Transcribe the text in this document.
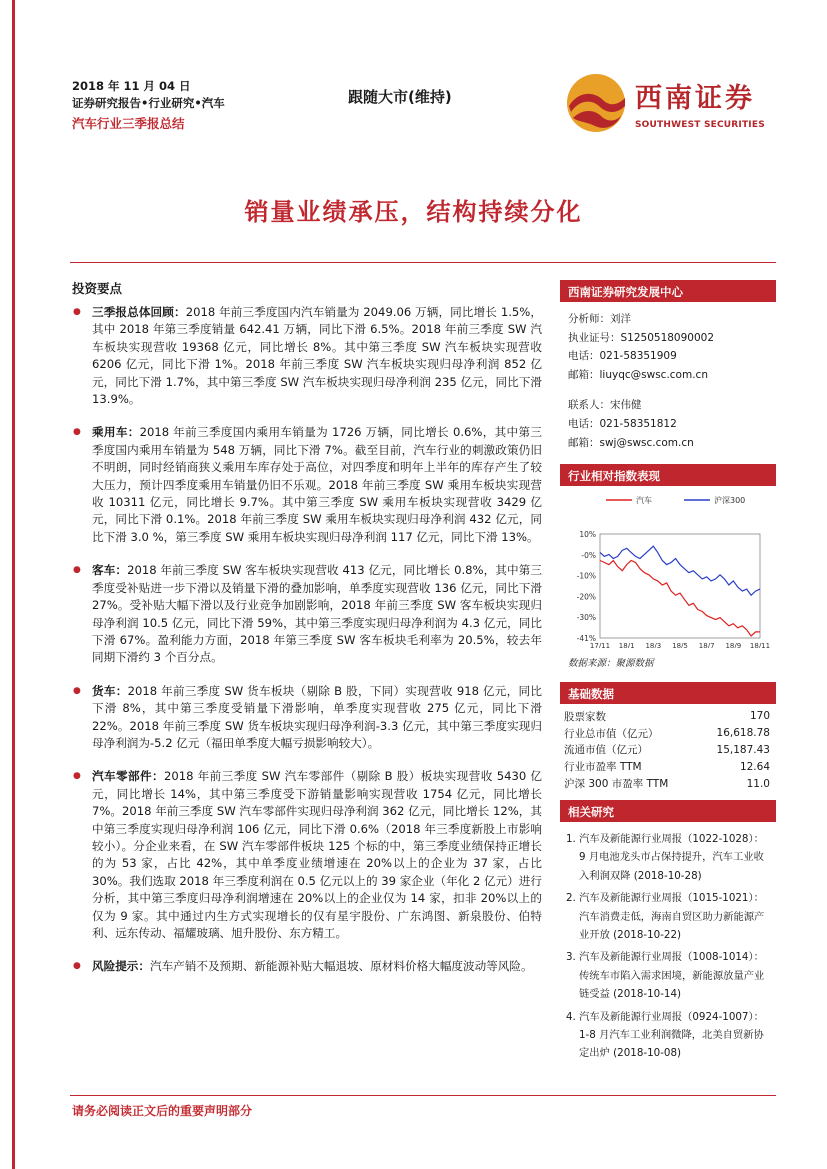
2018 年 11 月 04 日
证券研究报告•行业研究•汽车
汽车行业三季报总结
跟随大市(维持)	西南证券
SOUTHWEST SECURITIES
销量业绩承压，结构持续分化
投资要点
● 三季报总体回顾：2018 年前三季度国内汽车销量为 2049.06 万辆，同比增长 1.5%，其中 2018 年第三季度销量 642.41 万辆，同比下滑 6.5%。2018 年前三季度 SW 汽车板块实现营收 19368 亿元，同比增长 8%。其中第三季度 SW 汽车板块实现营收 6206 亿元，同比下滑 1%。2018 年前三季度 SW 汽车板块实现归母净利润 852 亿元，同比下滑 1.7%，其中第三季度 SW 汽车板块实现归母净利润 235 亿元，同比下滑 13.9%。
● 乘用车：2018 年前三季度国内乘用车销量为 1726 万辆，同比增长 0.6%，其中第三季度国内乘用车销量为 548 万辆，同比下滑 7%。截至目前，汽车行业的刺激政策仍旧不明朗，同时经销商狭义乘用车库存处于高位，对四季度和明年上半年的库存产生了较大压力，预计四季度乘用车销量仍旧不乐观。2018 年前三季度 SW 乘用车板块实现营收 10311 亿元，同比增长 9.7%。其中第三季度 SW 乘用车板块实现营收 3429 亿元，同比下滑 0.1%。2018 年前三季度 SW 乘用车板块实现归母净利润 432 亿元，同比下滑 3.0 %，第三季度 SW 乘用车板块实现归母净利润 117 亿元，同比下滑 13%。
● 客车：2018 年前三季度 SW 客车板块实现营收 413 亿元，同比增长 0.8%，其中第三季度受补贴进一步下滑以及销量下滑的叠加影响，单季度实现营收 136 亿元，同比下滑 27%。受补贴大幅下滑以及行业竞争加剧影响，2018 年前三季度 SW 客车板块实现归母净利润 10.5 亿元，同比下滑 59%，其中第三季度实现归母净利润为 4.3 亿元，同比下滑 67%。盈利能力方面，2018 年第三季度 SW 客车板块毛利率为 20.5%，较去年同期下滑约 3 个百分点。
● 货车：2018 年前三季度 SW 货车板块（剔除 B 股，下同）实现营收 918 亿元，同比下滑 8%，其中第三季度受销量下滑影响，单季度实现营收 275 亿元，同比下滑 22%。2018 年前三季度 SW 货车板块实现归母净利润-3.3 亿元，其中第三季度实现归母净利润为-5.2 亿元（福田单季度大幅亏损影响较大）。
● 汽车零部件：2018 年前三季度 SW 汽车零部件（剔除 B 股）板块实现营收 5430 亿元，同比增长 14%，其中第三季度受下游销量影响实现营收 1754 亿元，同比增长 7%。2018 年前三季度 SW 汽车零部件实现归母净利润 362 亿元，同比增长 12%，其中第三季度实现归母净利润 106 亿元，同比下滑 0.6%（2018 年三季度新股上市影响较小）。分企业来看，在 SW 汽车零部件板块 125 个标的中，第三季度业绩保持正增长的为 53 家，占比 42%，其中单季度业绩增速在 20%以上的企业为 37 家，占比 30%。我们选取 2018 年三季度利润在 0.5 亿元以上的 39 家企业（年化 2 亿元）进行分析，其中第三季度归母净利润增速在 20%以上的企业仅为 14 家，扣非 20%以上的仅为 9 家。其中通过内生方式实现增长的仅有星宇股份、广东鸿图、新泉股份、伯特利、远东传动、福耀玻璃、旭升股份、东方精工。
● 风险提示：汽车产销不及预期、新能源补贴大幅退坡、原材料价格大幅度波动等风险。
西南证券研究发展中心
分析师：刘洋
执业证号：S1250518090002
电话：021-58351909
邮箱：liuyqc@swsc.com.cn
联系人：宋伟健
电话：021-58351812
邮箱：swj@swsc.com.cn
行业相对指数表现
汽车	沪深300
10%
-0%
-10%
-20%
-30%
-41%
17/11 18/1 18/3 18/5 18/7 18/9 18/11
数据来源：聚源数据
基础数据
股票家数	170
行业总市值（亿元）	16,618.78
流通市值（亿元）	15,187.43
行业市盈率 TTM	12.64
沪深 300 市盈率 TTM	11.0
相关研究
1. 汽车及新能源行业周报（1022-1028）：9 月电池龙头市占保持提升，汽车工业收入利润双降 (2018-10-28)
2. 汽车及新能源行业周报（1015-1021）：汽车消费走低，海南自贸区助力新能源产业开放 (2018-10-22)
3. 汽车及新能源行业周报（1008-1014）：传统车市陷入需求困境，新能源放量产业链受益 (2018-10-14)
4. 汽车及新能源行业周报（0924-1007）：1-8 月汽车工业利润微降，北美自贸新协定出炉 (2018-10-08)
请务必阅读正文后的重要声明部分
